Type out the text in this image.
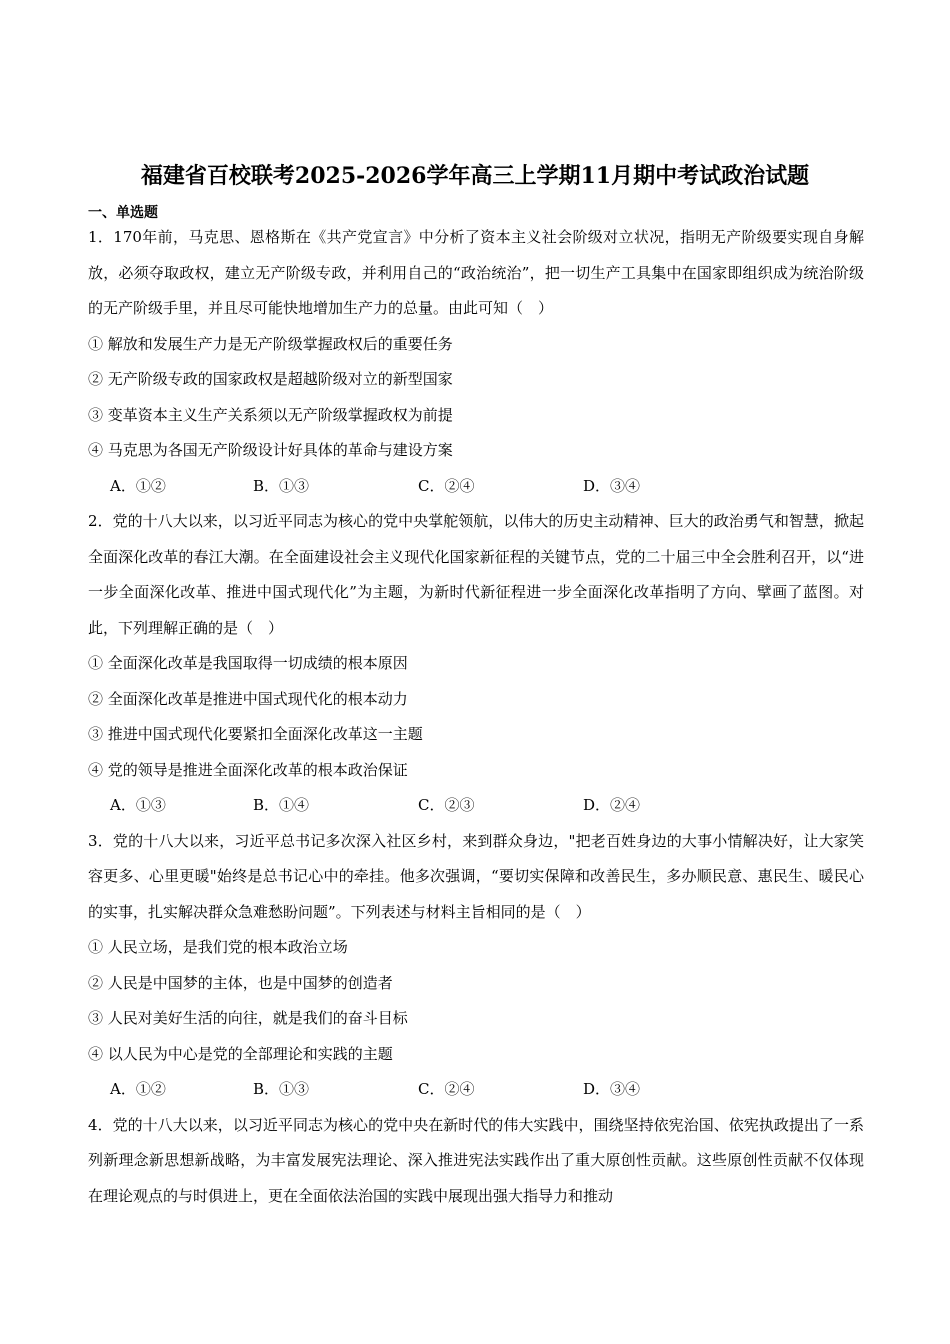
福建省百校联考2025-2026学年高三上学期11月期中考试政治试题
一、单选题
1．170年前，马克思、恩格斯在《共产党宣言》中分析了资本主义社会阶级对立状况，指明无产阶级要实现自身解放，必须夺取政权，建立无产阶级专政，并利用自己的“政治统治”，把一切生产工具集中在国家即组织成为统治阶级的无产阶级手里，并且尽可能快地增加生产力的总量。由此可知（　）
① 解放和发展生产力是无产阶级掌握政权后的重要任务
② 无产阶级专政的国家政权是超越阶级对立的新型国家
③ 变革资本主义生产关系须以无产阶级掌握政权为前提
④ 马克思为各国无产阶级设计好具体的革命与建设方案
A．①②	B．①③	C．②④	D．③④
2．党的十八大以来，以习近平同志为核心的党中央掌舵领航，以伟大的历史主动精神、巨大的政治勇气和智慧，掀起全面深化改革的春江大潮。在全面建设社会主义现代化国家新征程的关键节点，党的二十届三中全会胜利召开，以“进一步全面深化改革、推进中国式现代化”为主题，为新时代新征程进一步全面深化改革指明了方向、擘画了蓝图。对此，下列理解正确的是（　）
① 全面深化改革是我国取得一切成绩的根本原因
② 全面深化改革是推进中国式现代化的根本动力
③ 推进中国式现代化要紧扣全面深化改革这一主题
④ 党的领导是推进全面深化改革的根本政治保证
A．①③	B．①④	C．②③	D．②④
3．党的十八大以来，习近平总书记多次深入社区乡村，来到群众身边，"把老百姓身边的大事小情解决好，让大家笑容更多、心里更暖"始终是总书记心中的牵挂。他多次强调，“要切实保障和改善民生，多办顺民意、惠民生、暖民心的实事，扎实解决群众急难愁盼问题”。下列表述与材料主旨相同的是（　）
① 人民立场，是我们党的根本政治立场
② 人民是中国梦的主体，也是中国梦的创造者
③ 人民对美好生活的向往，就是我们的奋斗目标
④ 以人民为中心是党的全部理论和实践的主题
A．①②	B．①③	C．②④	D．③④
4．党的十八大以来，以习近平同志为核心的党中央在新时代的伟大实践中，围绕坚持依宪治国、依宪执政提出了一系列新理念新思想新战略，为丰富发展宪法理论、深入推进宪法实践作出了重大原创性贡献。这些原创性贡献不仅体现在理论观点的与时俱进上，更在全面依法治国的实践中展现出强大指导力和推动
